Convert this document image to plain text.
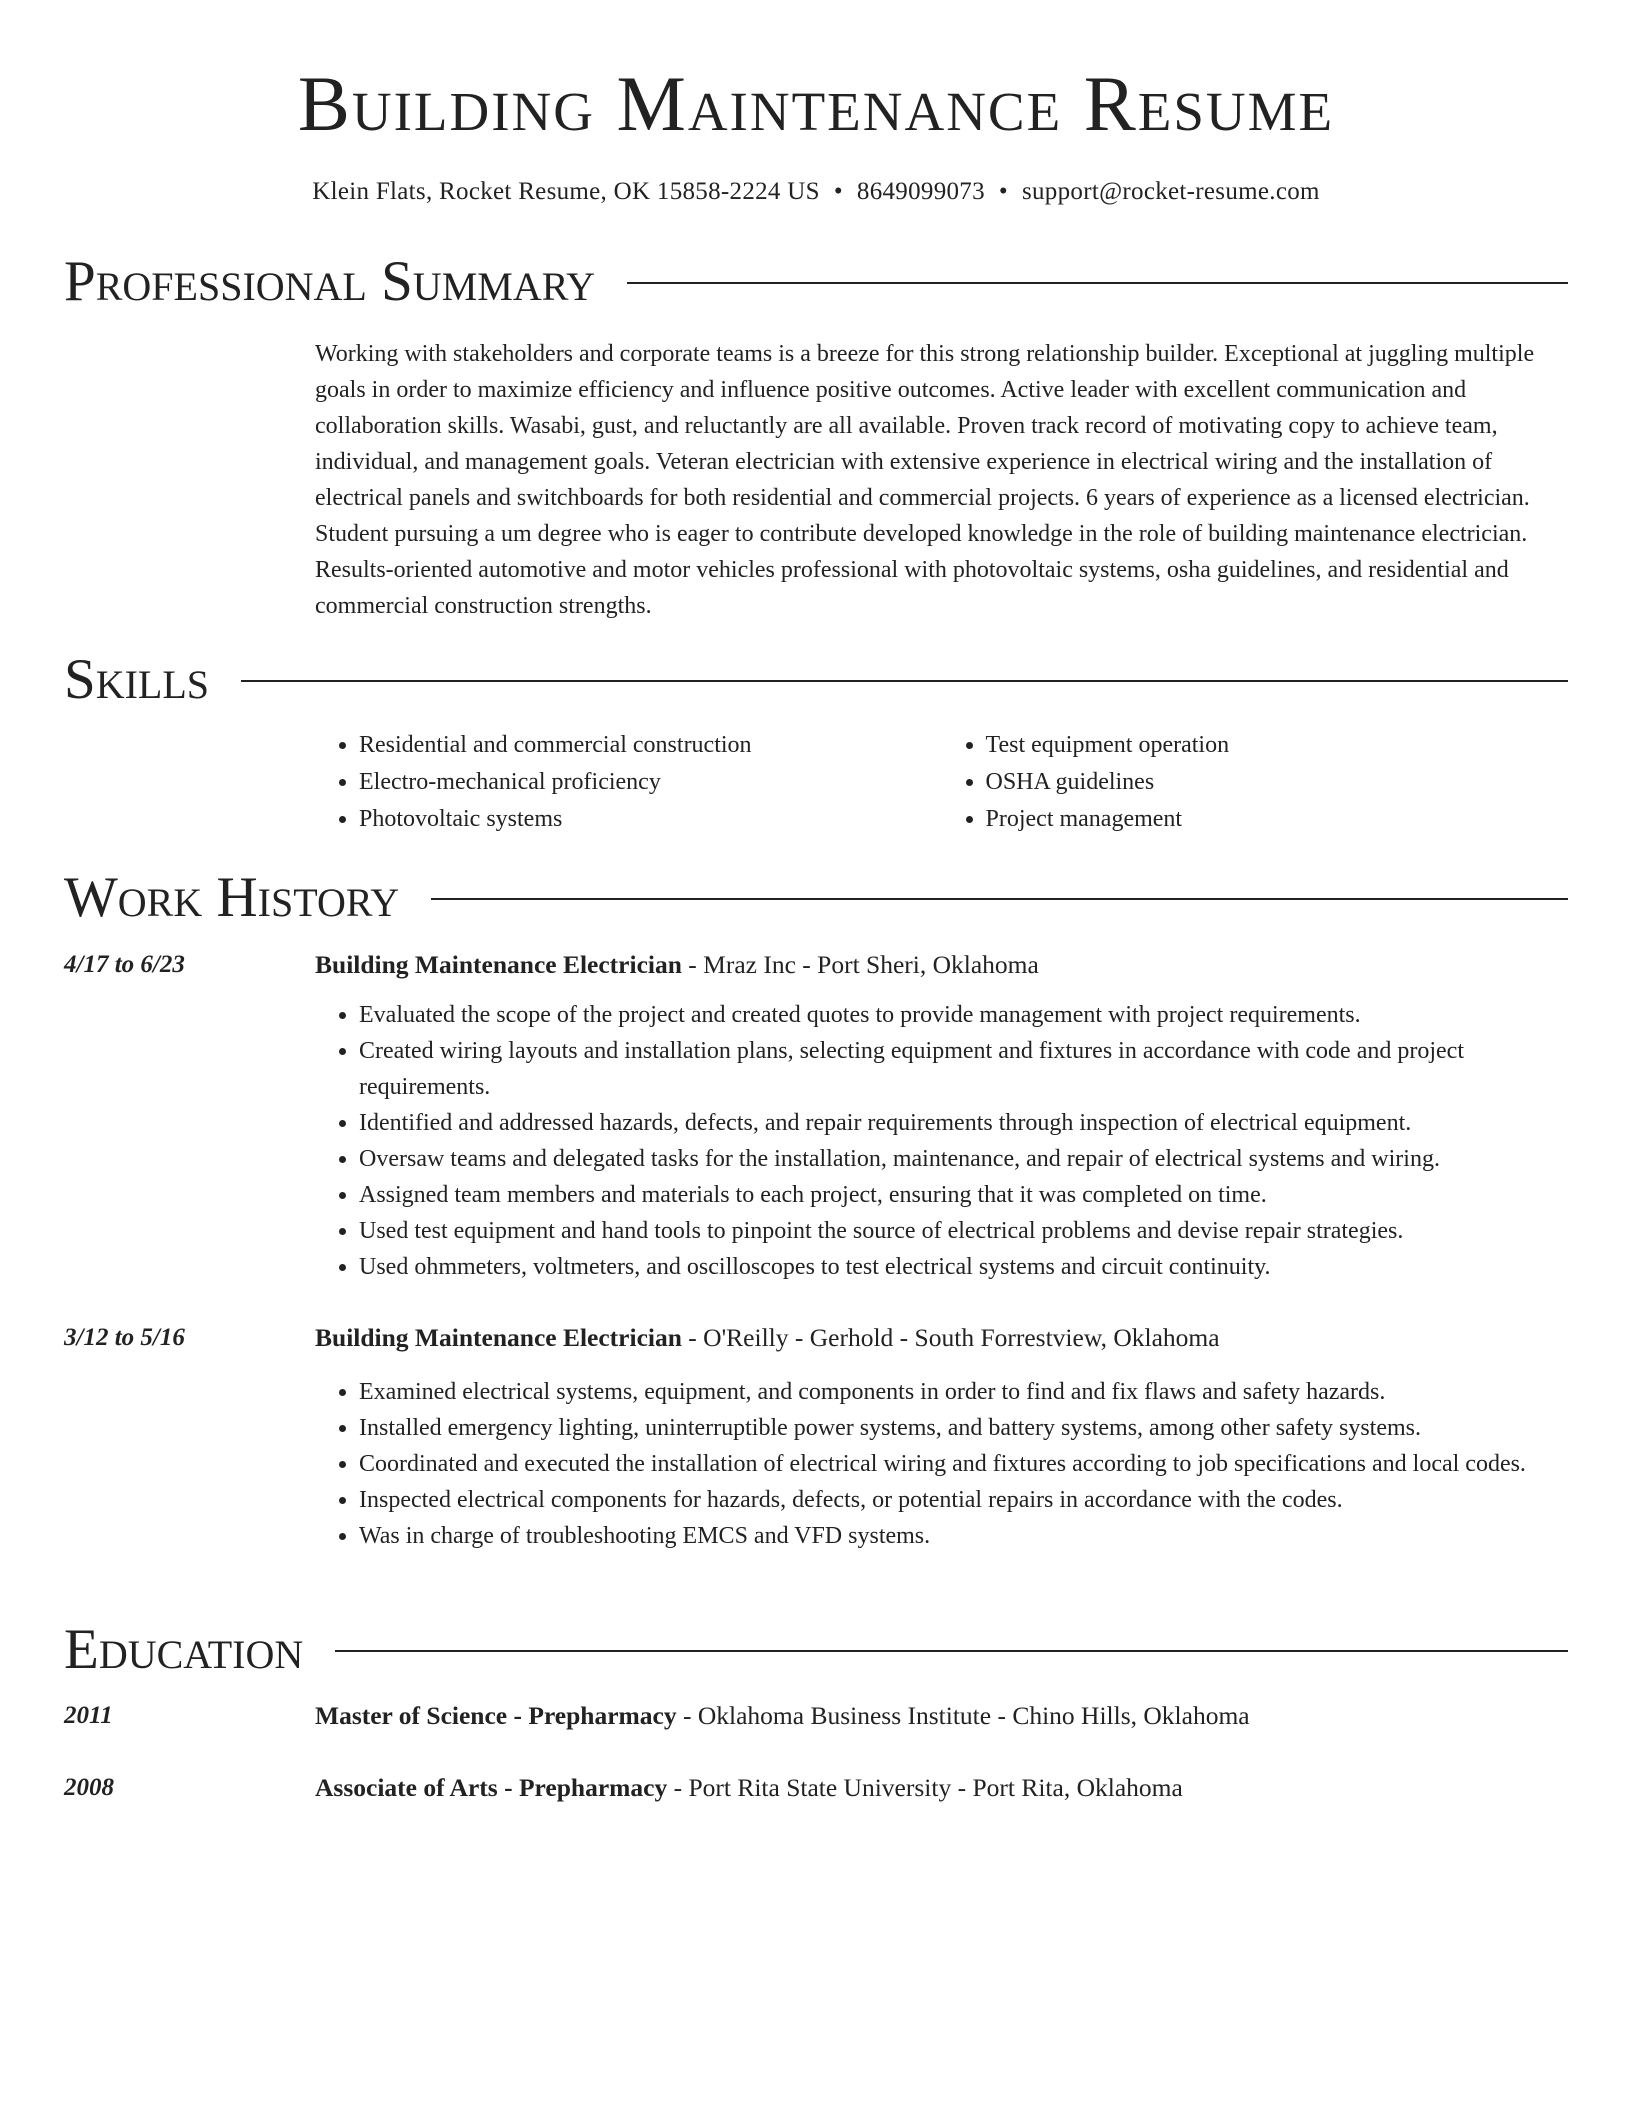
Building Maintenance Resume

Klein Flats, Rocket Resume, OK 15858-2224 US • 8649099073 • support@rocket-resume.com

Professional Summary

Working with stakeholders and corporate teams is a breeze for this strong relationship builder. Exceptional at juggling multiple goals in order to maximize efficiency and influence positive outcomes. Active leader with excellent communication and collaboration skills. Wasabi, gust, and reluctantly are all available. Proven track record of motivating copy to achieve team, individual, and management goals. Veteran electrician with extensive experience in electrical wiring and the installation of electrical panels and switchboards for both residential and commercial projects. 6 years of experience as a licensed electrician. Student pursuing a um degree who is eager to contribute developed knowledge in the role of building maintenance electrician. Results-oriented automotive and motor vehicles professional with photovoltaic systems, osha guidelines, and residential and commercial construction strengths.

Skills
• Residential and commercial construction
• Electro-mechanical proficiency
• Photovoltaic systems
• Test equipment operation
• OSHA guidelines
• Project management
Work History
4/17 to 6/23	Building Maintenance Electrician - Mraz Inc - Port Sheri, Oklahoma
• Evaluated the scope of the project and created quotes to provide management with project requirements.
• Created wiring layouts and installation plans, selecting equipment and fixtures in accordance with code and project requirements.
• Identified and addressed hazards, defects, and repair requirements through inspection of electrical equipment.
• Oversaw teams and delegated tasks for the installation, maintenance, and repair of electrical systems and wiring.
• Assigned team members and materials to each project, ensuring that it was completed on time.
• Used test equipment and hand tools to pinpoint the source of electrical problems and devise repair strategies.
• Used ohmmeters, voltmeters, and oscilloscopes to test electrical systems and circuit continuity.
3/12 to 5/16	Building Maintenance Electrician - O'Reilly - Gerhold - South Forrestview, Oklahoma
• Examined electrical systems, equipment, and components in order to find and fix flaws and safety hazards.
• Installed emergency lighting, uninterruptible power systems, and battery systems, among other safety systems.
• Coordinated and executed the installation of electrical wiring and fixtures according to job specifications and local codes.
• Inspected electrical components for hazards, defects, or potential repairs in accordance with the codes.
• Was in charge of troubleshooting EMCS and VFD systems.
Education
2011	Master of Science - Prepharmacy - Oklahoma Business Institute - Chino Hills, Oklahoma
2008	Associate of Arts - Prepharmacy - Port Rita State University - Port Rita, Oklahoma
